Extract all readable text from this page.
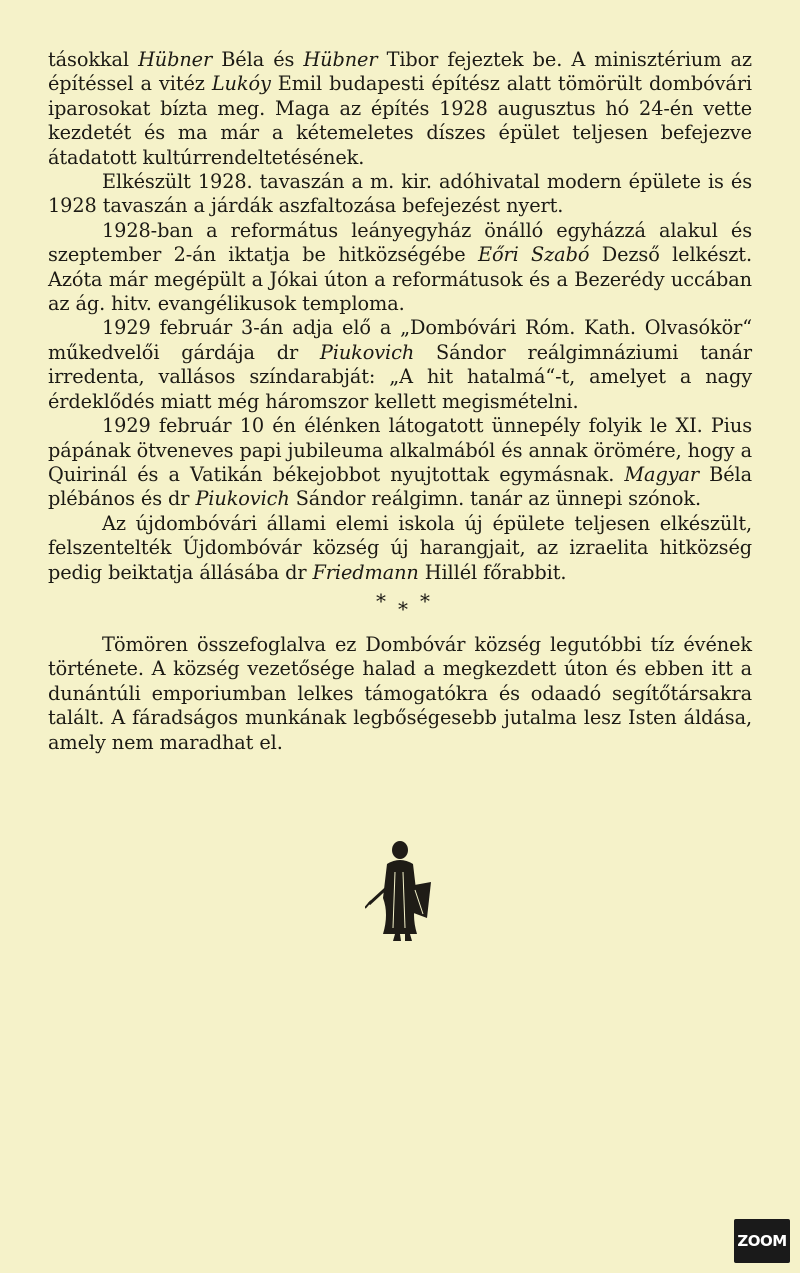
tásokkal Hübner Béla és Hübner Tibor fejeztek be. A minisztérium az építéssel a vitéz Lukóy Emil budapesti építész alatt tömörült dombóvári iparosokat bízta meg. Maga az építés 1928 augusztus hó 24-én vette kezdetét és ma már a kétemeletes díszes épület teljesen befejezve átadatott kultúrrendeltetésének.

Elkészült 1928. tavaszán a m. kir. adóhivatal modern épülete is és 1928 tavaszán a járdák aszfaltozása befejezést nyert.

1928-ban a református leányegyház önálló egyházzá alakul és szeptember 2-án iktatja be hitközségébe Eőri Szabó Dezső lelkészt. Azóta már megépült a Jókai úton a reformátusok és a Bezerédy uccában az ág. hitv. evangélikusok temploma.

1929 február 3-án adja elő a „Dombóvári Róm. Kath. Olvasókör“ műkedvelői gárdája dr Piukovich Sándor reálgimnáziumi tanár irredenta, vallásos színdarabját: „A hit hatalmá“-t, amelyet a nagy érdeklődés miatt még háromszor kellett megismételni.

1929 február 10 én élénken látogatott ünnepély folyik le XI. Pius pápának ötveneves papi jubileuma alkalmából és annak örömére, hogy a Quirinál és a Vatikán békejobbot nyujtottak egymásnak. Magyar Béla plébános és dr Piukovich Sándor reálgimn. tanár az ünnepi szónok.

Az újdombóvári állami elemi iskola új épülete teljesen elkészült, felszentelték Újdombóvár község új harangjait, az izraelita hitközség pedig beiktatja állásába dr Friedmann Hillél főrabbit.

* * *

Tömören összefoglalva ez Dombóvár község legutóbbi tíz évének története. A község vezetősége halad a megkezdett úton és ebben itt a dunántúli emporiumban lelkes támogatókra és odaadó segítőtársakra talált. A fáradságos munkának legbőségesebb jutalma lesz Isten áldása, amely nem maradhat el.

ZOOM
